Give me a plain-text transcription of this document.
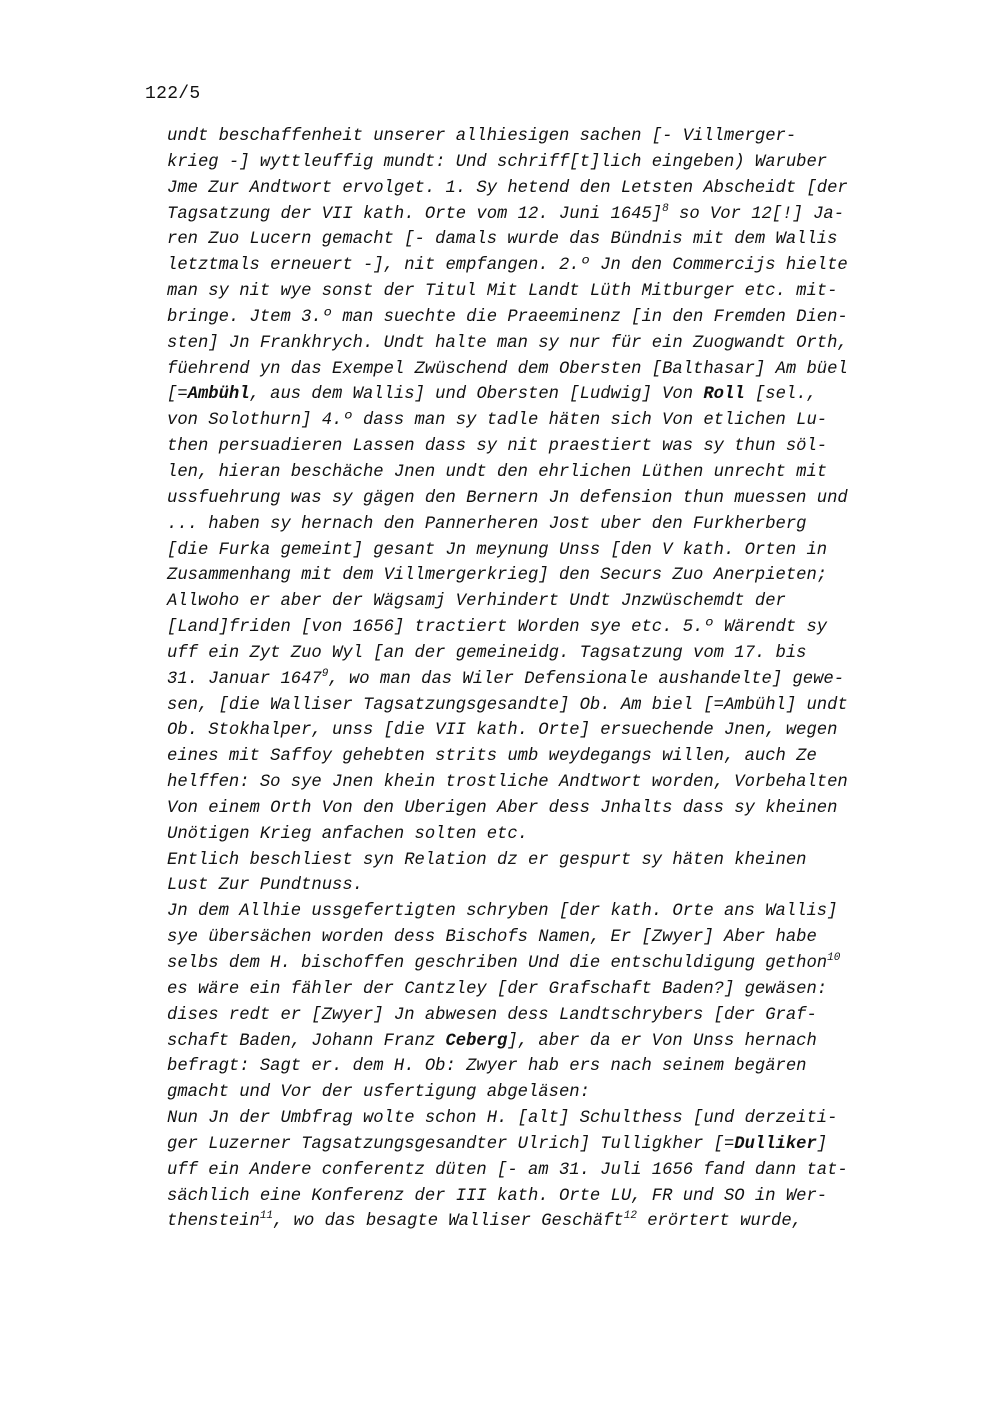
122/5
undt beschaffenheit unserer allhiesigen sachen [- Villmerger-
krieg -] wyttleuffig mundt: Und schriff[t]lich eingeben) Waruber
Jme Zur Andtwort ervolget. 1. Sy hetend den Letsten Abscheidt [der
Tagsatzung der VII kath. Orte vom 12. Juni 1645]$^8$ so Vor 12[!] Ja-
ren Zuo Lucern gemacht [- damals wurde das Bündnis mit dem Wallis
letztmals erneuert -], nit empfangen. 2.º Jn den Commercijs hielte
man sy nit wye sonst der Titul Mit Landt Lüth Mitburger etc. mit-
bringe. Jtem 3.º man suechte die Praeeminenz [in den Fremden Dien-
sten] Jn Frankhrych. Undt halte man sy nur für ein Zuogwandt Orth,
füehrend yn das Exempel Zwüschend dem Obersten [Balthasar] Am büel
[=Ambühl, aus dem Wallis] und Obersten [Ludwig] Von Roll [sel.,
von Solothurn] 4.º dass man sy tadle häten sich Von etlichen Lu-
then persuadieren Lassen dass sy nit praestiert was sy thun söl-
len, hieran beschäche Jnen undt den ehrlichen Lüthen unrecht mit
ussfuehrung was sy gägen den Bernern Jn defension thun muessen und
... haben sy hernach den Pannerheren Jost uber den Furkherberg
[die Furka gemeint] gesant Jn meynung Unss [den V kath. Orten in
Zusammenhang mit dem Villmergerkrieg] den Securs Zuo Anerpieten;
Allwoho er aber der Wägsamj Verhindert Undt Jnzwüschemdt der
[Land]friden [von 1656] tractiert Worden sye etc. 5.º Wärendt sy
uff ein Zyt Zuo Wyl [an der gemeineidg. Tagsatzung vom 17. bis
31. Januar 1647$^9$, wo man das Wiler Defensionale aushandelte] gewe-
sen, [die Walliser Tagsatzungsgesandte] Ob. Am biel [=Ambühl] undt
Ob. Stokhalper, unss [die VII kath. Orte] ersuechende Jnen, wegen
eines mit Saffoy gehebten strits umb weydegangs willen, auch Ze
helffen: So sye Jnen khein trostliche Andtwort worden, Vorbehalten
Von einem Orth Von den Uberigen Aber dess Jnhalts dass sy kheinen
Unötigen Krieg anfachen solten etc.
Entlich beschliest syn Relation dz er gespurt sy häten kheinen
Lust Zur Pundtnuss.
Jn dem Allhie ussgefertigten schryben [der kath. Orte ans Wallis]
sye übersächen worden dess Bischofs Namen, Er [Zwyer] Aber habe
selbs dem H. bischoffen geschriben Und die entschuldigung gethon$^{10}$
es wäre ein fähler der Cantzley [der Grafschaft Baden?] gewäsen:
dises redt er [Zwyer] Jn abwesen dess Landtschrybers [der Graf-
schaft Baden, Johann Franz Ceberg], aber da er Von Unss hernach
befragt: Sagt er. dem H. Ob: Zwyer hab ers nach seinem begären
gmacht und Vor der usfertigung abgeläsen:
Nun Jn der Umbfrag wolte schon H. [alt] Schulthess [und derzeiti-
ger Luzerner Tagsatzungsgesandter Ulrich] Tulligkher [=Dulliker]
uff ein Andere conferentz düten [- am 31. Juli 1656 fand dann tat-
sächlich eine Konferenz der III kath. Orte LU, FR und SO in Wer-
thenstein$^{11}$, wo das besagte Walliser Geschäft$^{12}$ erörtert wurde,
